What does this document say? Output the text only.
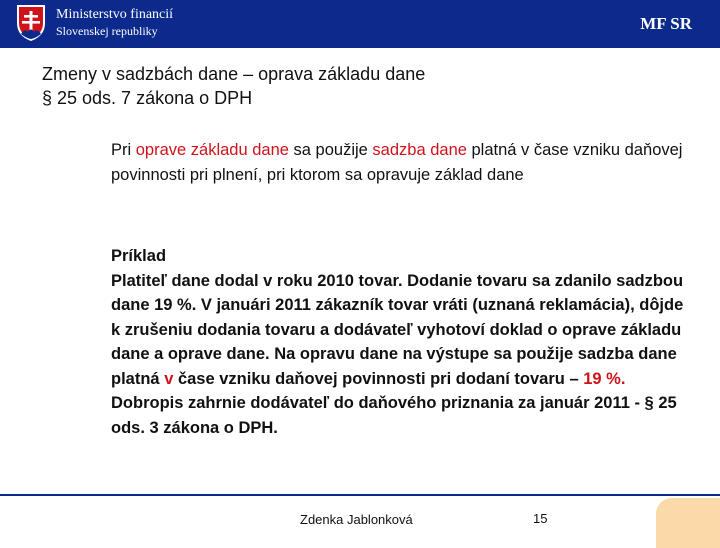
Ministerstvo financií
Slovenskej republiky	MF SR
Zmeny v sadzbách dane – oprava základu dane
§ 25 ods. 7 zákona o DPH
Pri oprave základu dane sa použije sadzba dane platná v čase vzniku daňovej povinnosti pri plnení, pri ktorom sa opravuje základ dane
Príklad
Platiteľ dane dodal v roku 2010 tovar. Dodanie tovaru sa zdanilo sadzbou dane 19 %. V januári 2011 zákazník tovar vráti (uznaná reklamácia), dôjde k zrušeniu dodania tovaru a dodávateľ vyhotoví doklad o oprave základu dane a oprave dane. Na opravu dane na výstupe sa použije sadzba dane platná v čase vzniku daňovej povinnosti pri dodaní tovaru – 19 %. Dobropis zahrnie dodávateľ do daňového priznania za január 2011 - § 25 ods. 3 zákona o DPH.
Zdenka Jablonková	15
